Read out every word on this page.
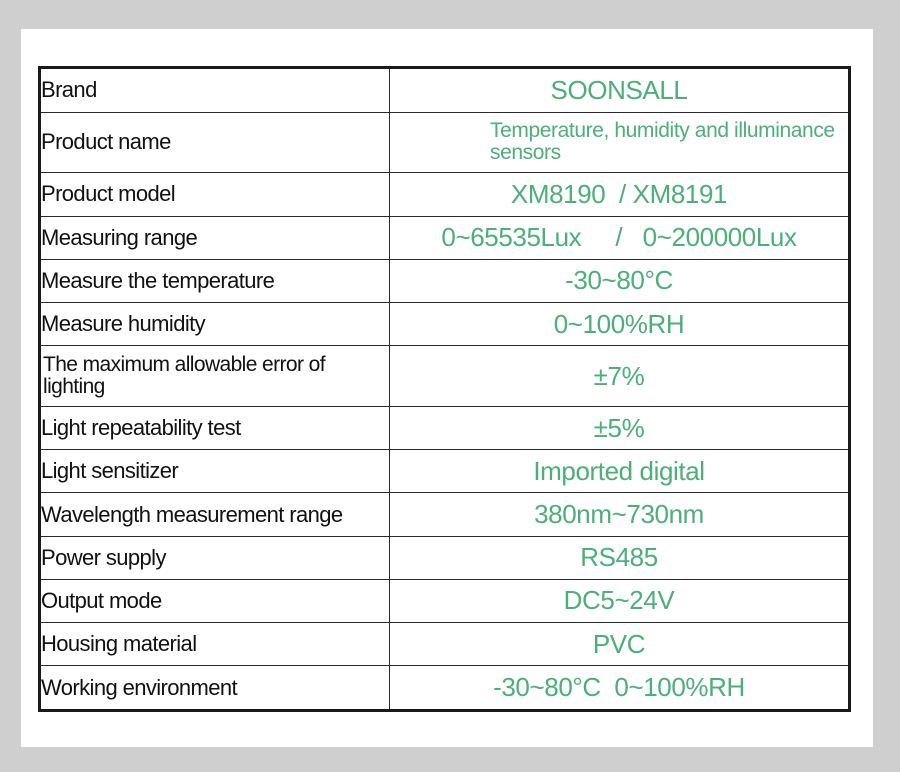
Brand	SOONSALL
Product name	Temperature, humidity and illuminance sensors
Product model	XM8190  / XM8191
Measuring range	0~65535Lux     /   0~200000Lux
Measure the temperature	-30~80°C
Measure humidity	0~100%RH
The maximum allowable error of lighting	±7%
Light repeatability test	±5%
Light sensitizer	Imported digital
Wavelength measurement range	380nm~730nm
Power supply	RS485
Output mode	DC5~24V
Housing material	PVC
Working environment	-30~80°C  0~100%RH
